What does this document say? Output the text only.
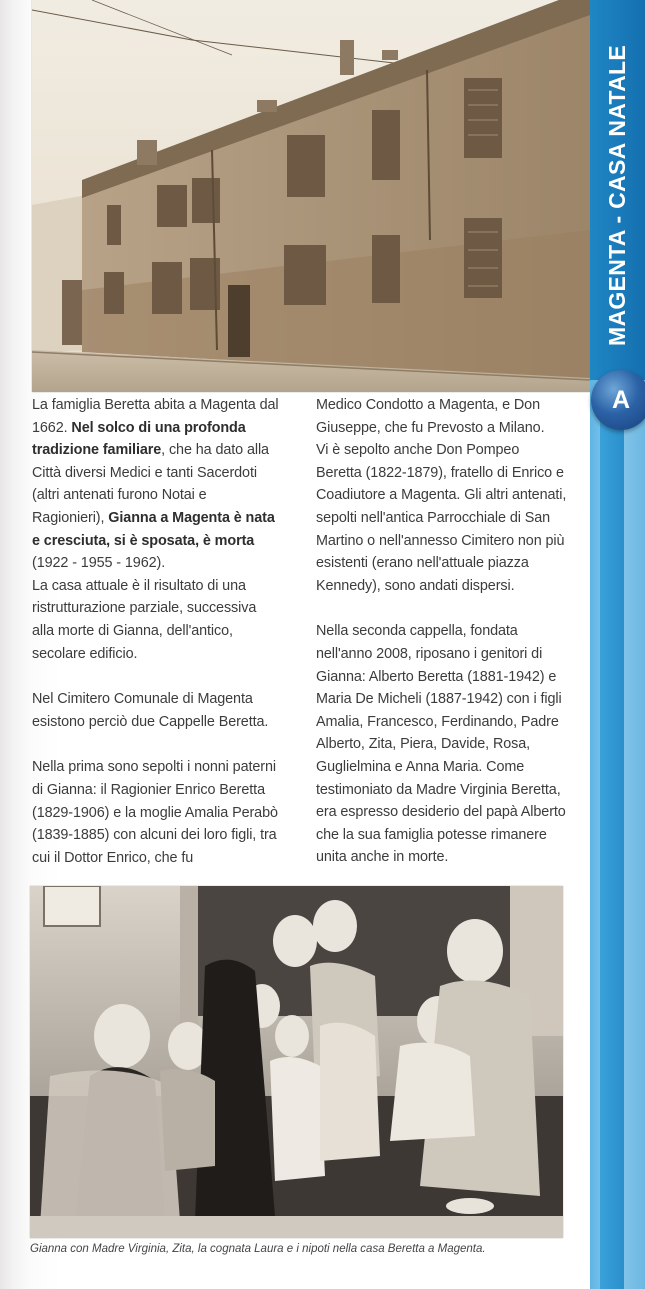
La famiglia Beretta abita a Magenta dal 1662. Nel solco di una profonda tradizione familiare, che ha dato alla Città diversi Medici e tanti Sacerdoti (altri antenati furono Notai e Ragionieri), Gianna a Magenta è nata e cresciuta, si è sposata, è morta (1922 - 1955 - 1962).

La casa attuale è il risultato di una ristrutturazione parziale, successiva alla morte di Gianna, dell'antico, secolare edificio.

Nel Cimitero Comunale di Magenta esistono perciò due Cappelle Beretta.

Nella prima sono sepolti i nonni paterni di Gianna: il Ragionier Enrico Beretta (1829-1906) e la moglie Amalia Perabò (1839-1885) con alcuni dei loro figli, tra cui il Dottor Enrico, che fu

Medico Condotto a Magenta, e Don Giuseppe, che fu Prevosto a Milano.

Vi è sepolto anche Don Pompeo Beretta (1822-1879), fratello di Enrico e Coadiutore a Magenta. Gli altri antenati, sepolti nell'antica Parrocchiale di San Martino o nell'annesso Cimitero non più esistenti (erano nell'attuale piazza Kennedy), sono andati dispersi.

Nella seconda cappella, fondata nell'anno 2008, riposano i genitori di Gianna: Alberto Beretta (1881-1942) e Maria De Micheli (1887-1942) con i figli Amalia, Francesco, Ferdinando, Padre Alberto, Zita, Piera, Davide, Rosa, Guglielmina e Anna Maria. Come testimoniato da Madre Virginia Beretta, era espresso desiderio del papà Alberto che la sua famiglia potesse rimanere unita anche in morte.

Gianna con Madre Virginia, Zita, la cognata Laura e i nipoti nella casa Beretta a Magenta.
MAGENTA - CASA NATALE
A
